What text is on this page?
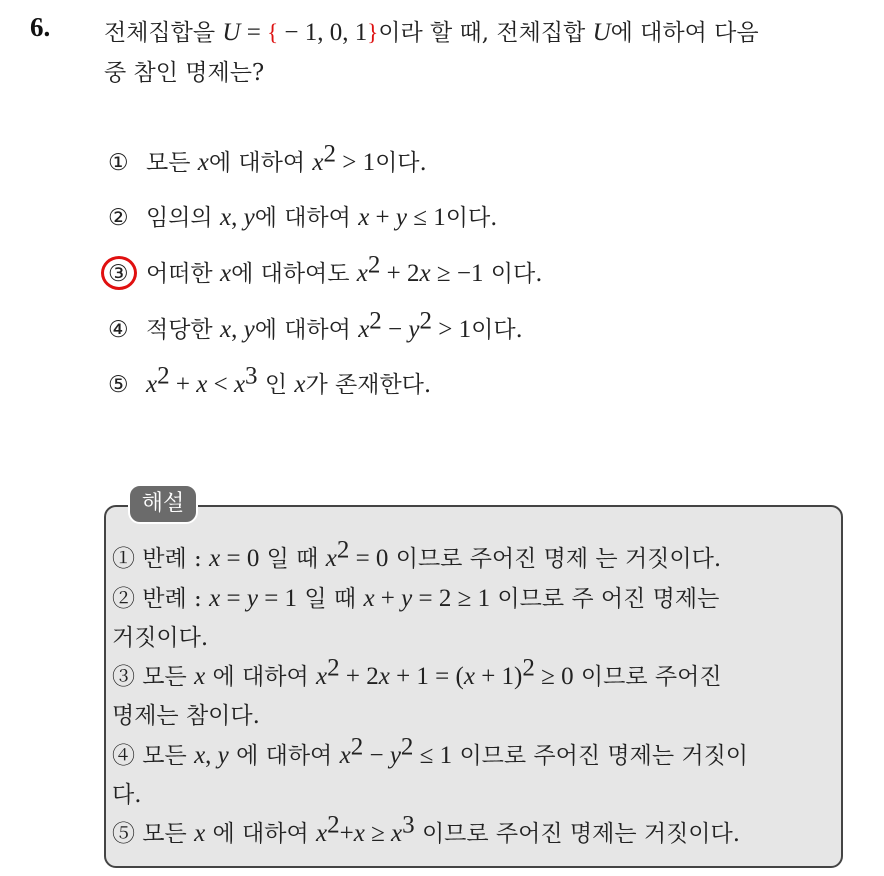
6. 전체집합을 U = { − 1, 0, 1}이라 할 때, 전체집합 U에 대하여 다음
중 참인 명제는?
① 모든 x에 대하여 $x^2 > 1$이다.
② 임의의 x, y에 대하여 x + y ≤ 1이다.
③ 어떠한 x에 대하여도 $x^2 + 2x \ge -1$ 이다.
④ 적당한 x, y에 대하여 $x^2 - y^2 > 1$이다.
⑤ $x^2 + x < x^3$ 인 x가 존재한다.
해설
① 반례 : x = 0 일 때 $x^2 = 0$ 이므로 주어진 명제 는 거짓이다.
② 반례 : x = y = 1 일 때 x + y = 2 ≥ 1 이므로 주 어진 명제는
거짓이다.
③ 모든 x 에 대하여 $x^2 + 2x + 1 = (x + 1)^2 \ge 0$ 이므로 주어진
명제는 참이다.
④ 모든 x, y 에 대하여 $x^2 - y^2 \le 1$ 이므로 주어진 명제는 거짓이
다.
⑤ 모든 x 에 대하여 $x^2+x \ge x^3$ 이므로 주어진 명제는 거짓이다.
